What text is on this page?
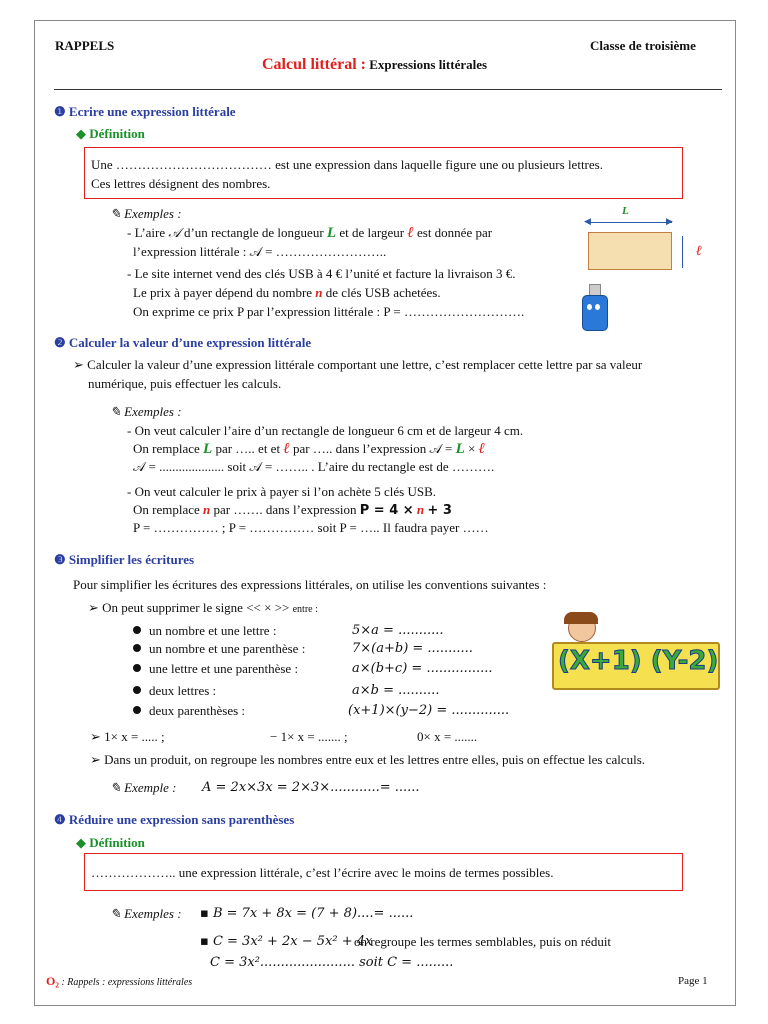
RAPPELS	Classe de troisième
Calcul littéral : Expressions littérales
❶ Ecrire une expression littérale
◆ Définition
Une ……………………………… est une expression dans laquelle figure une ou plusieurs lettres.
Ces lettres désignent des nombres.
✎ Exemples :
- L’aire 𝒜 d’un rectangle de longueur L et de largeur ℓ est donnée par
l’expression littérale : 𝒜 = ……………………..
- Le site internet vend des clés USB à 4 € l’unité et facture la livraison 3 €.
Le prix à payer dépend du nombre n de clés USB achetées.
On exprime ce prix P par l’expression littérale : P = ……………………….
L
◀	▶
ℓ
❷ Calculer la valeur d’une expression littérale
➢ Calculer la valeur d’une expression littérale comportant une lettre, c’est remplacer cette lettre par sa valeur
numérique, puis effectuer les calculs.
✎ Exemples :
- On veut calculer l’aire d’un rectangle de longueur 6 cm et de largeur 4 cm.
On remplace L par ….. et et ℓ par ….. dans l’expression 𝒜 = L × ℓ
𝒜 = .................... soit 𝒜 = …….. . L’aire du rectangle est de ……….
- On veut calculer le prix à payer si l’on achète 5 clés USB.
On remplace n par ……. dans l’expression P = 4 × n + 3
P = …………… ; P = …………… soit P = ….. Il faudra payer ……
❸ Simplifier les écritures
Pour simplifier les écritures des expressions littérales, on utilise les conventions suivantes :
➢ On peut supprimer le signe << × >> entre :
un nombre et une lettre :	5×a = ...........
un nombre et une parenthèse :	7×(a+b) = ...........
une lettre et une parenthèse :	a×(b+c) = ................
deux lettres :	a×b = ..........
deux parenthèses :	(x+1)×(y−2) = ..............
➢ 1× x = ..... ;	− 1× x = ....... ;	0× x = .......
➢ Dans un produit, on regroupe les nombres entre eux et les lettres entre elles, puis on effectue les calculs.
✎ Exemple : A = 2x×3x = 2×3×............= ......
(X+1) (Y-2)
❹ Réduire une expression sans parenthèses
◆ Définition
……………….. une expression littérale, c’est l’écrire avec le moins de termes possibles.
✎ Exemples : ▪ B = 7x + 8x = (7 + 8)....= ......
▪ C = 3x² + 2x − 5x² + 4x
on regroupe les termes semblables, puis on réduit
C = 3x²....................... soit C = .........
O₂ : Rappels : expressions littérales	Page 1
